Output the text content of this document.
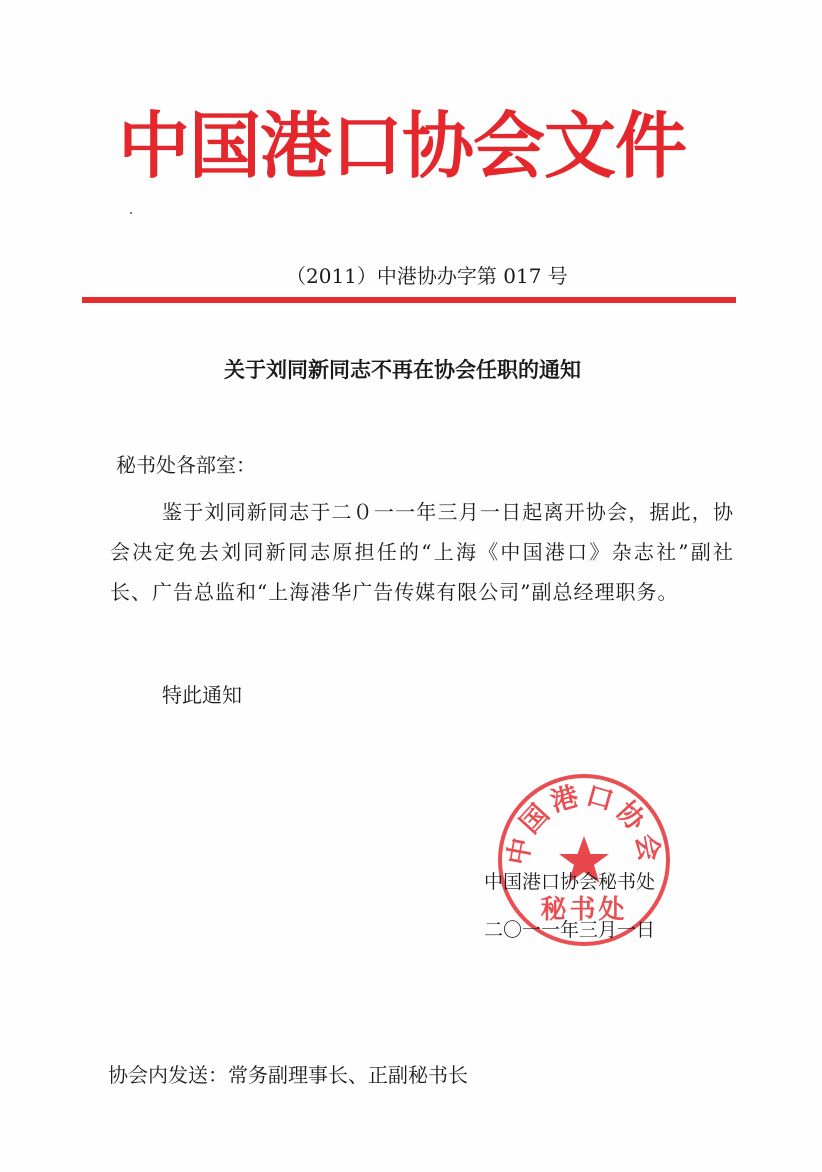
中国港口协会文件
（2011）中港协办字第 017 号
关于刘同新同志不再在协会任职的通知
秘书处各部室：

鉴于刘同新同志于二０一一年三月一日起离开协会，据此，协会决定免去刘同新同志原担任的“上海《中国港口》杂志社”副社长、广告总监和“上海港华广告传媒有限公司”副总经理职务。

特此通知
中国港口协会
秘书处
中国港口协会秘书处
二〇一一年三月一日
协会内发送：常务副理事长、正副秘书长
